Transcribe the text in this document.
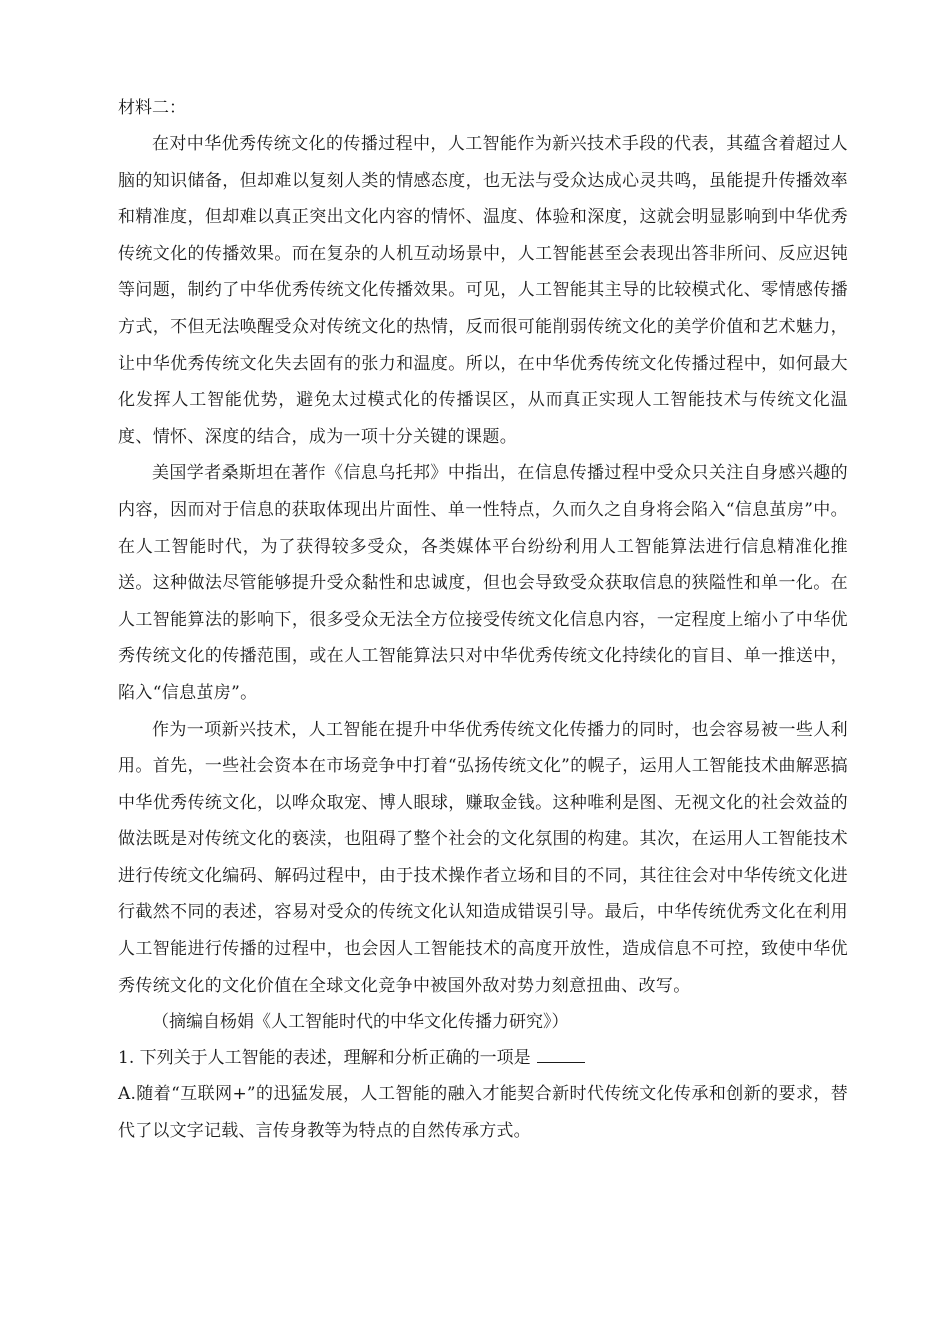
材料二：

在对中华优秀传统文化的传播过程中，人工智能作为新兴技术手段的代表，其蕴含着超过人脑的知识储备，但却难以复刻人类的情感态度，也无法与受众达成心灵共鸣，虽能提升传播效率和精准度，但却难以真正突出文化内容的情怀、温度、体验和深度，这就会明显影响到中华优秀传统文化的传播效果。而在复杂的人机互动场景中，人工智能甚至会表现出答非所问、反应迟钝等问题，制约了中华优秀传统文化传播效果。可见，人工智能其主导的比较模式化、零情感传播方式，不但无法唤醒受众对传统文化的热情，反而很可能削弱传统文化的美学价值和艺术魅力，让中华优秀传统文化失去固有的张力和温度。所以，在中华优秀传统文化传播过程中，如何最大化发挥人工智能优势，避免太过模式化的传播误区，从而真正实现人工智能技术与传统文化温度、情怀、深度的结合，成为一项十分关键的课题。

美国学者桑斯坦在著作《信息乌托邦》中指出，在信息传播过程中受众只关注自身感兴趣的内容，因而对于信息的获取体现出片面性、单一性特点，久而久之自身将会陷入“信息茧房”中。在人工智能时代，为了获得较多受众，各类媒体平台纷纷利用人工智能算法进行信息精准化推送。这种做法尽管能够提升受众黏性和忠诚度，但也会导致受众获取信息的狭隘性和单一化。在人工智能算法的影响下，很多受众无法全方位接受传统文化信息内容，一定程度上缩小了中华优秀传统文化的传播范围，或在人工智能算法只对中华优秀传统文化持续化的盲目、单一推送中，陷入“信息茧房”。

作为一项新兴技术，人工智能在提升中华优秀传统文化传播力的同时，也会容易被一些人利用。首先，一些社会资本在市场竞争中打着“弘扬传统文化”的幌子，运用人工智能技术曲解恶搞中华优秀传统文化，以哗众取宠、博人眼球，赚取金钱。这种唯利是图、无视文化的社会效益的做法既是对传统文化的亵渎，也阻碍了整个社会的文化氛围的构建。其次，在运用人工智能技术进行传统文化编码、解码过程中，由于技术操作者立场和目的不同，其往往会对中华传统文化进行截然不同的表述，容易对受众的传统文化认知造成错误引导。最后，中华传统优秀文化在利用人工智能进行传播的过程中，也会因人工智能技术的高度开放性，造成信息不可控，致使中华优秀传统文化的文化价值在全球文化竞争中被国外敌对势力刻意扭曲、改写。

（摘编自杨娟《人工智能时代的中华文化传播力研究》）

1. 下列关于人工智能的表述，理解和分析正确的一项是

A.随着“互联网+”的迅猛发展，人工智能的融入才能契合新时代传统文化传承和创新的要求，替代了以文字记载、言传身教等为特点的自然传承方式。
